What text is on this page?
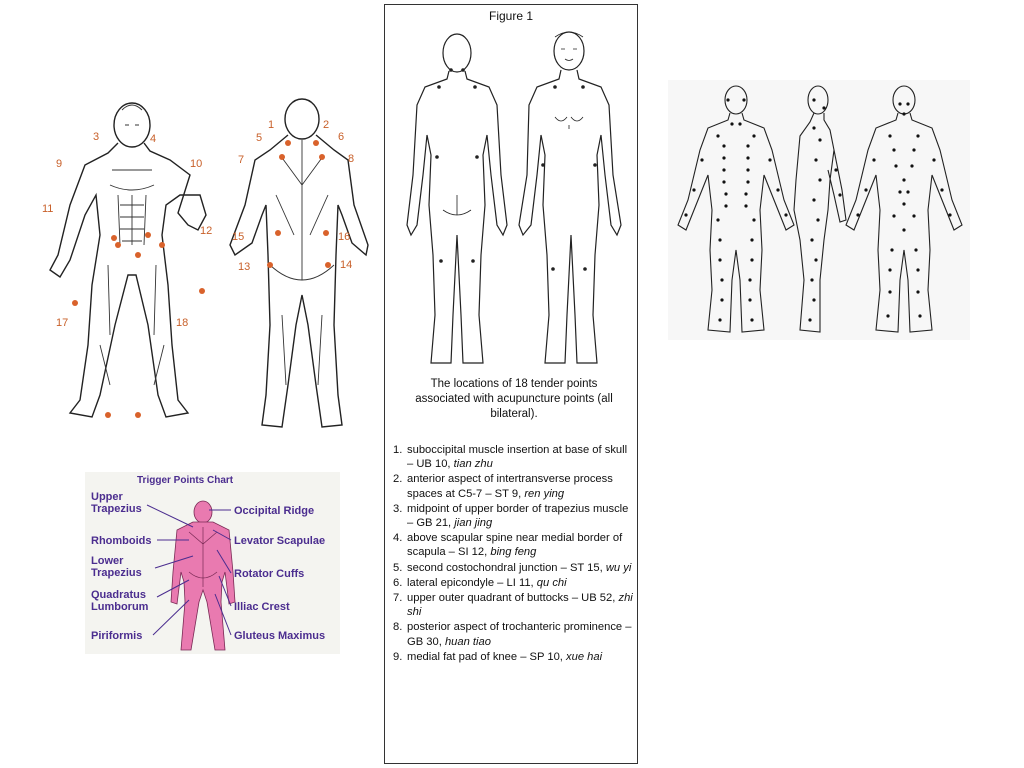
1	2
3	4	5	6
7	8
9	10
11
12
13	14
15	16
17	18
Trigger Points Chart
Upper Trapezius
Rhomboids
Lower Trapezius
Quadratus Lumborum
Piriformis
Occipital Ridge
Levator Scapulae
Rotator Cuffs
Illiac Crest
Gluteus Maximus
Figure 1
The locations of 18 tender points associated with acupuncture points (all bilateral).
1. suboccipital muscle insertion at base of skull – UB 10, tian zhu
2. anterior aspect of intertransverse process spaces at C5-7 – ST 9, ren ying
3. midpoint of upper border of trapezius muscle – GB 21, jian jing
4. above scapular spine near medial border of scapula – SI 12, bing feng
5. second costochondral junction – ST 15, wu yi
6. lateral epicondyle – LI 11, qu chi
7. upper outer quadrant of buttocks – UB 52, zhi shi
8. posterior aspect of trochanteric prominence – GB 30, huan tiao
9. medial fat pad of knee – SP 10, xue hai
